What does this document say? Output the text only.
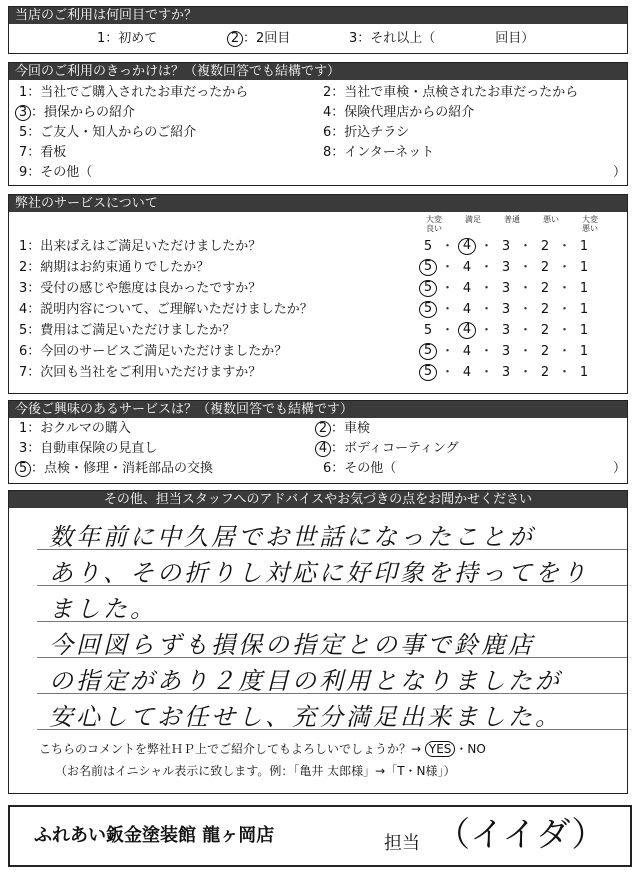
当店のご利用は何回目ですか？
1：初めて	2 ：2回目	3：それ以上（	回目）
今回のご利用のきっかけは？（複数回答でも結構です）
1：当社でご購入されたお車だったから	2：当社で車検・点検されたお車だったから
3 ：損保からの紹介	4：保険代理店からの紹介
5：ご友人・知人からのご紹介	6：折込チラシ
7：看板	8：インターネット
9：その他（	）
弊社のサービスについて
大変
良い
満足	普通	悪い	大変
悪い
1：出来ばえはご満足いただけましたか？	5 ・ 4 ・ 3 ・ 2 ・ 1
2：納期はお約束通りでしたか？	5 ・ 4 ・ 3 ・ 2 ・ 1
3：受付の感じや態度は良かったですか？	5 ・ 4 ・ 3 ・ 2 ・ 1
4：説明内容について、ご理解いただけましたか？	5 ・ 4 ・ 3 ・ 2 ・ 1
5：費用はご満足いただけましたか？	5 ・ 4 ・ 3 ・ 2 ・ 1
6：今回のサービスご満足いただけましたか？	5 ・ 4 ・ 3 ・ 2 ・ 1
7：次回も当社をご利用いただけますか？	5 ・ 4 ・ 3 ・ 2 ・ 1
今後ご興味のあるサービスは？（複数回答でも結構です）
1：おクルマの購入	2 ：車検
3：自動車保険の見直し	4 ：ボディコーティング
5 ：点検・修理・消耗部品の交換	6：その他（	）
その他、担当スタッフへのアドバイスやお気づきの点をお聞かせください
数年前に中久居でお世話になったことが
あり、その折りし対応に好印象を持ってをり
ました。
今回図らずも損保の指定との事で鈴鹿店
の指定があり２度目の利用となりましたが
安心してお任せし、充分満足出来ました。
こちらのコメントを弊社ＨＰ上でご紹介してもよろしいでしょうか？→ YES ・NO
（お名前はイニシャル表示に致します。例：「亀井 太郎様」→「T・N様」）
ふれあい鈑金塗装館 龍ヶ岡店	担当 （イイダ）
